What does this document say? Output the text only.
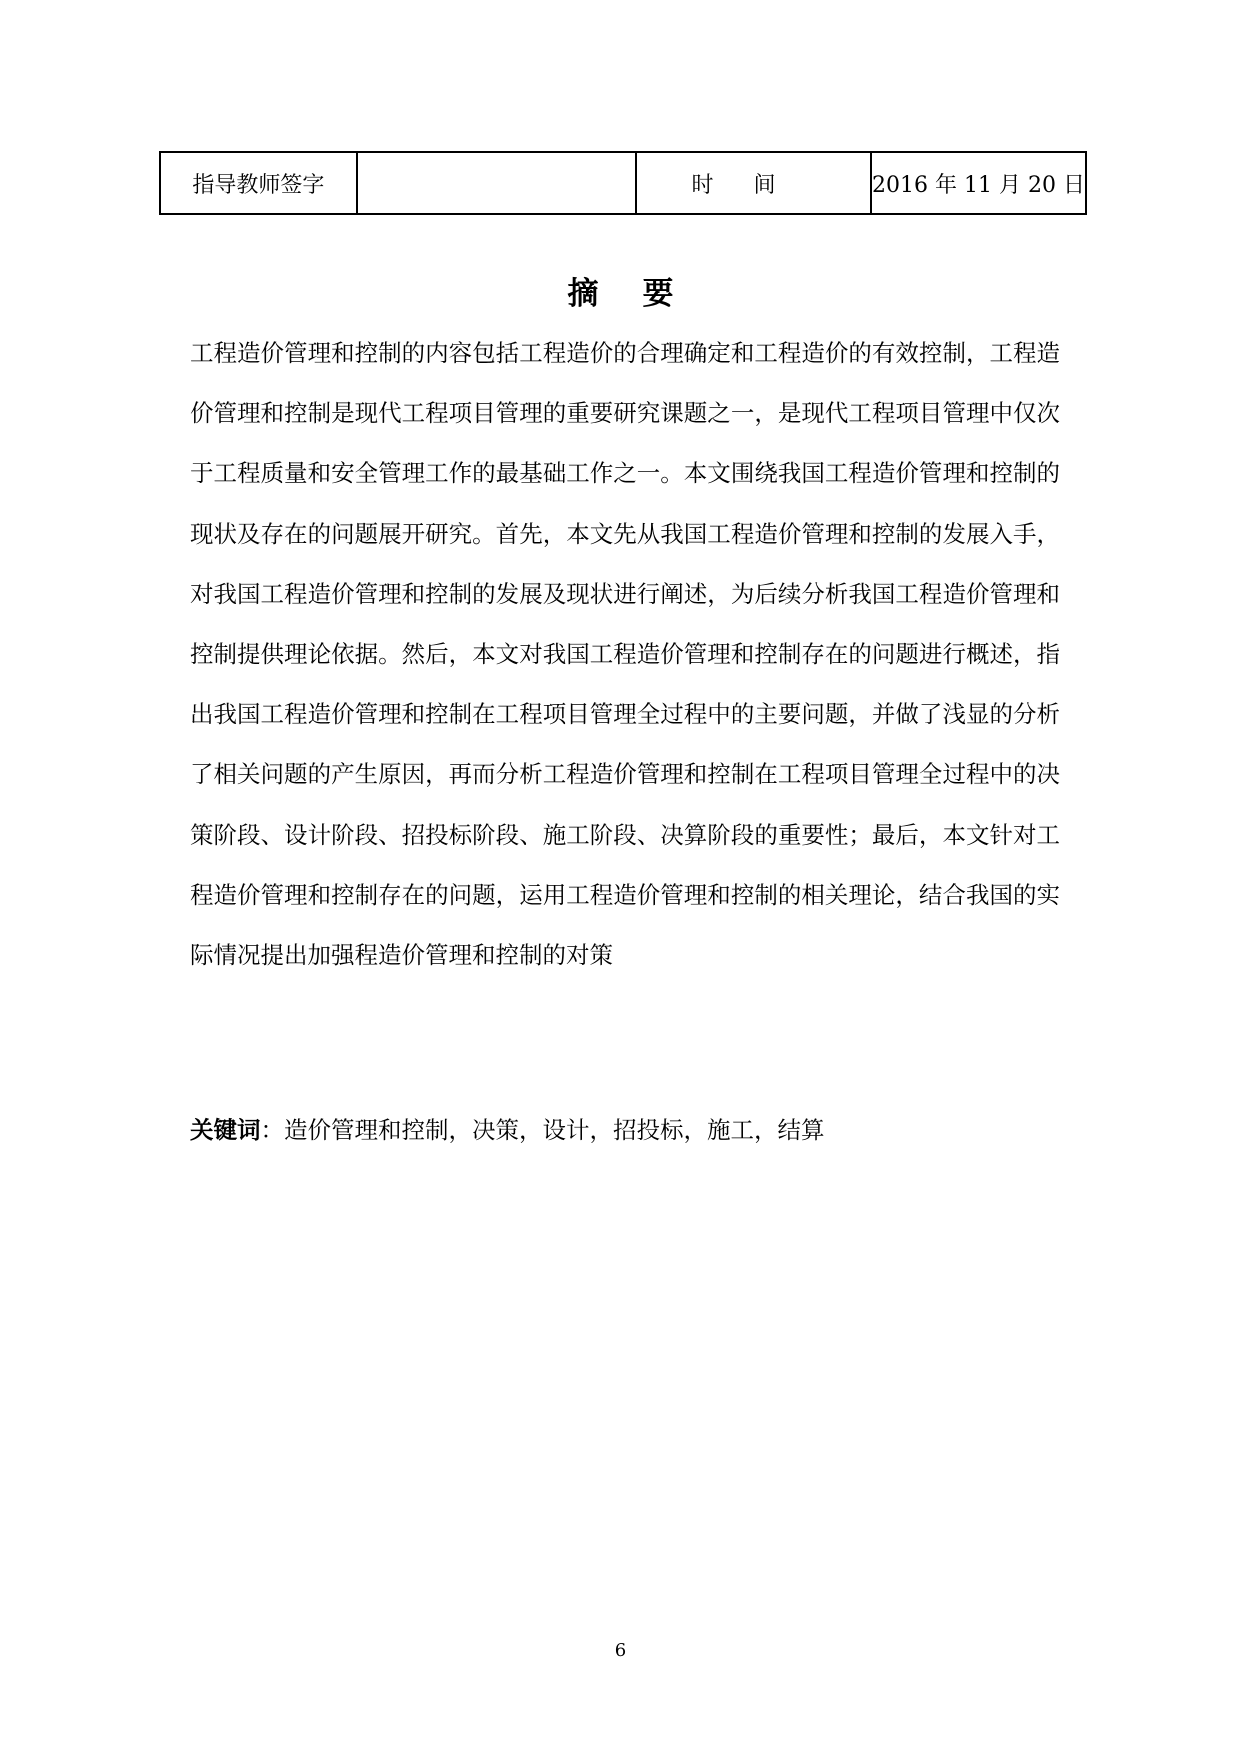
指导教师签字		时间	2016 年 11 月 20 日
摘要

工程造价管理和控制的内容包括工程造价的合理确定和工程造价的有效控制，工程造价管理和控制是现代工程项目管理的重要研究课题之一，是现代工程项目管理中仅次于工程质量和安全管理工作的最基础工作之一。本文围绕我国工程造价管理和控制的现状及存在的问题展开研究。首先，本文先从我国工程造价管理和控制的发展入手，对我国工程造价管理和控制的发展及现状进行阐述，为后续分析我国工程造价管理和控制提供理论依据。然后，本文对我国工程造价管理和控制存在的问题进行概述，指出我国工程造价管理和控制在工程项目管理全过程中的主要问题，并做了浅显的分析了相关问题的产生原因，再而分析工程造价管理和控制在工程项目管理全过程中的决策阶段、设计阶段、招投标阶段、施工阶段、决算阶段的重要性；最后，本文针对工程造价管理和控制存在的问题，运用工程造价管理和控制的相关理论，结合我国的实际情况提出加强程造价管理和控制的对策

关键词：造价管理和控制，决策，设计，招投标，施工，结算
6
